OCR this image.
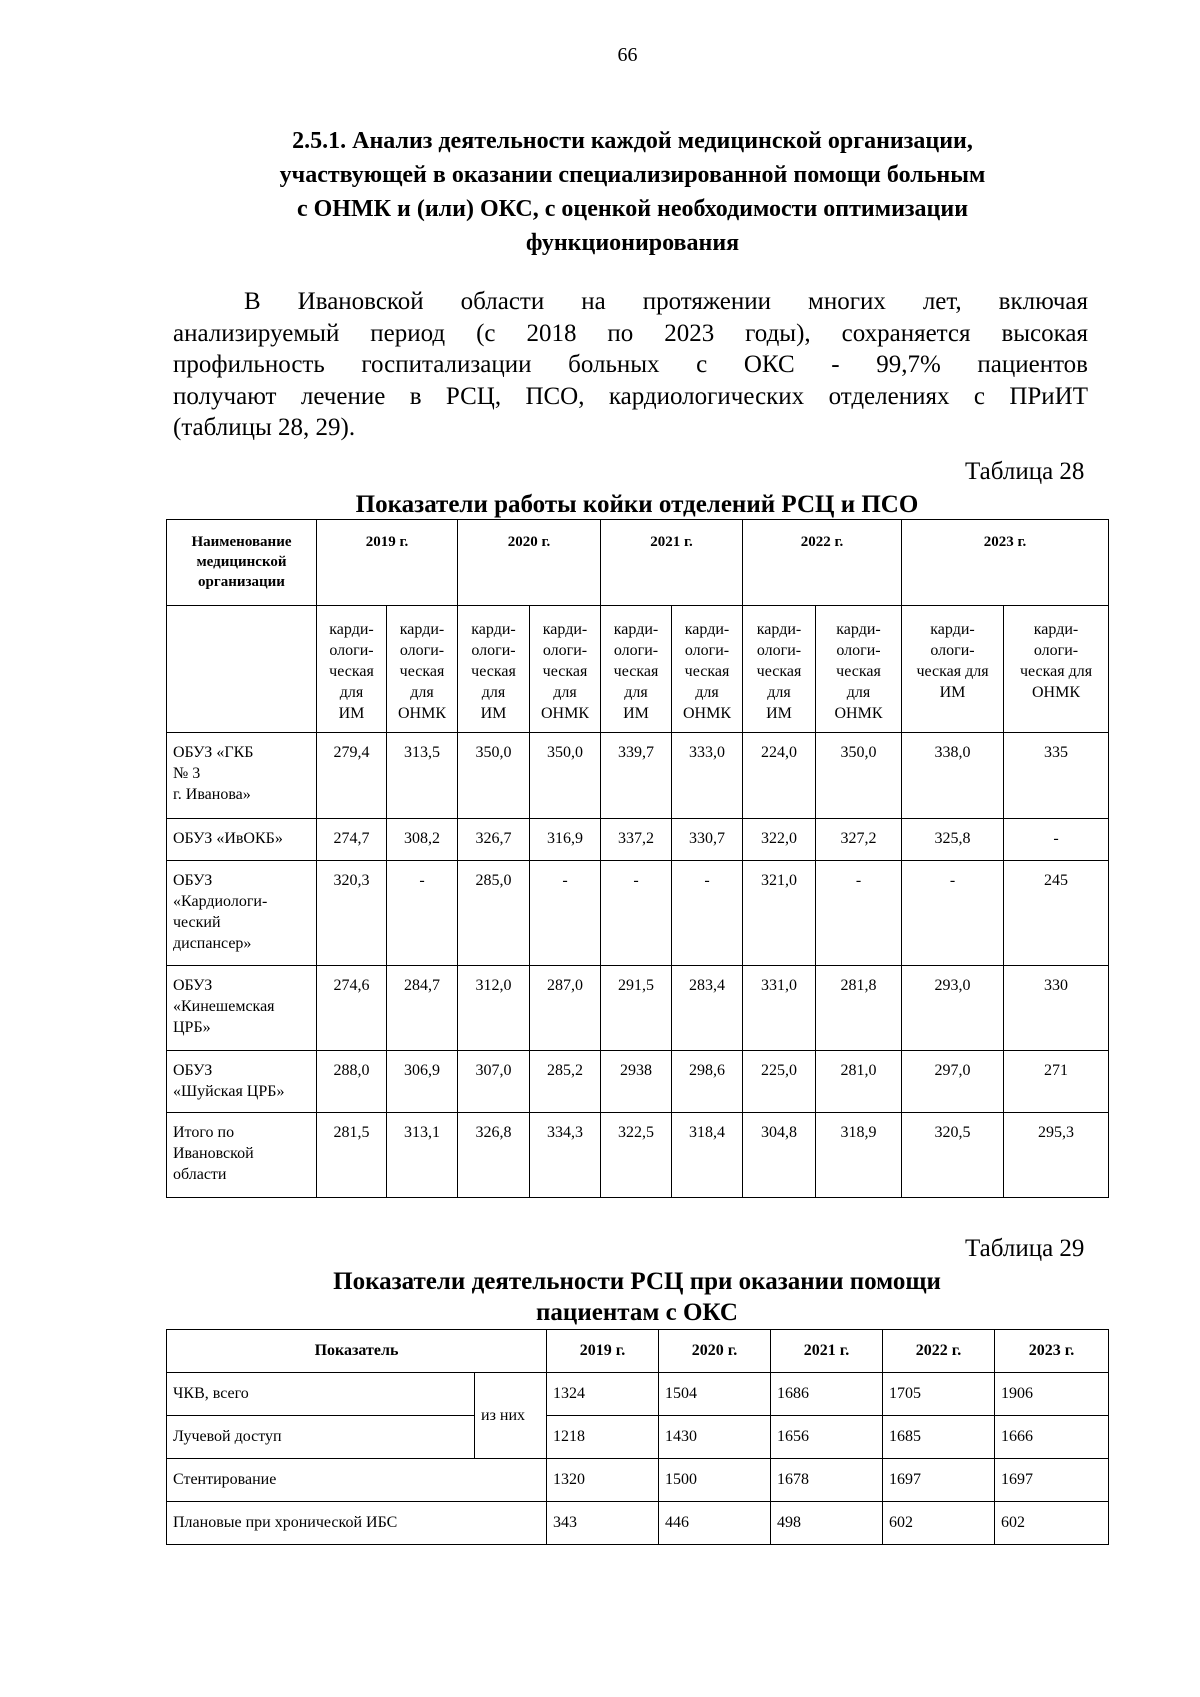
66
2.5.1. Анализ деятельности каждой медицинской организации,
участвующей в оказании специализированной помощи больным
с ОНМК и (или) ОКС, с оценкой необходимости оптимизации
функционирования
В Ивановской области на протяжении многих лет, включая
анализируемый период (с 2018 по 2023 годы), сохраняется высокая
профильность госпитализации больных с ОКС - 99,7% пациентов
получают лечение в РСЦ, ПСО, кардиологических отделениях с ПРиИТ
(таблицы 28, 29).
Таблица 28
Показатели работы койки отделений РСЦ и ПСО
Наименование медицинской организации	2019 г.		2020 г.		2021 г.		2022 г.		2023 г.	
	карди-
ологи-
ческая
для
ИМ	карди-
ологи-
ческая
для
ОНМК	карди-
ологи-
ческая
для
ИМ	карди-
ологи-
ческая
для
ОНМК	карди-
ологи-
ческая
для
ИМ	карди-
ологи-
ческая
для
ОНМК	карди-
ологи-
ческая
для
ИМ	карди-
ологи-
ческая
для
ОНМК	карди-
ологи-
ческая для
ИМ	карди-
ологи-
ческая для
ОНМК
ОБУЗ «ГКБ
№ 3
г. Иванова»	279,4	313,5	350,0	350,0	339,7	333,0	224,0	350,0	338,0	335
ОБУЗ «ИвОКБ»	274,7	308,2	326,7	316,9	337,2	330,7	322,0	327,2	325,8	-
ОБУЗ
«Кардиологи-
ческий
диспансер»	320,3	-	285,0	-	-	-	321,0	-	-	245
ОБУЗ
«Кинешемская
ЦРБ»	274,6	284,7	312,0	287,0	291,5	283,4	331,0	281,8	293,0	330
ОБУЗ
«Шуйская ЦРБ»	288,0	306,9	307,0	285,2	2938	298,6	225,0	281,0	297,0	271
Итого по
Ивановской
области	281,5	313,1	326,8	334,3	322,5	318,4	304,8	318,9	320,5	295,3
Таблица 29
Показатели деятельности РСЦ при оказании помощи
пациентам с ОКС
Показатель		2019 г.	2020 г.	2021 г.	2022 г.	2023 г.
ЧКВ, всего	из них	1324	1504	1686	1705	1906
Лучевой доступ		1218	1430	1656	1685	1666
Стентирование		1320	1500	1678	1697	1697
Плановые при хронической ИБС		343	446	498	602	602
